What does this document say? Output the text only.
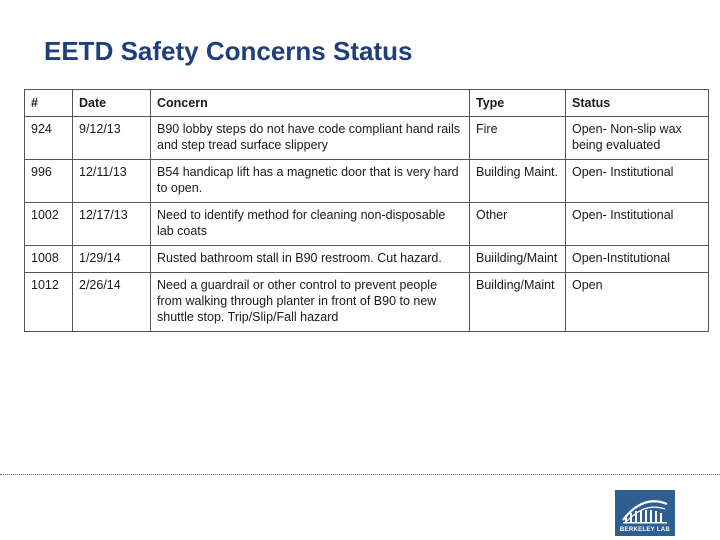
EETD Safety Concerns Status
#	Date	Concern	Type	Status
924	9/12/13	B90 lobby steps do not have code compliant hand rails and step tread surface slippery	Fire	Open- Non-slip wax being evaluated
996	12/11/13	B54 handicap lift has a magnetic door that is very hard to open.	Building Maint.	Open- Institutional
1002	12/17/13	Need to identify method for cleaning non-disposable lab coats	Other	Open- Institutional
1008	1/29/14	Rusted bathroom stall in B90 restroom. Cut hazard.	Buiilding/Maint	Open-Institutional
1012	2/26/14	Need a guardrail or other control to prevent people from walking through planter in front of B90 to new shuttle stop. Trip/Slip/Fall hazard	Building/Maint	Open
BERKELEY LAB
